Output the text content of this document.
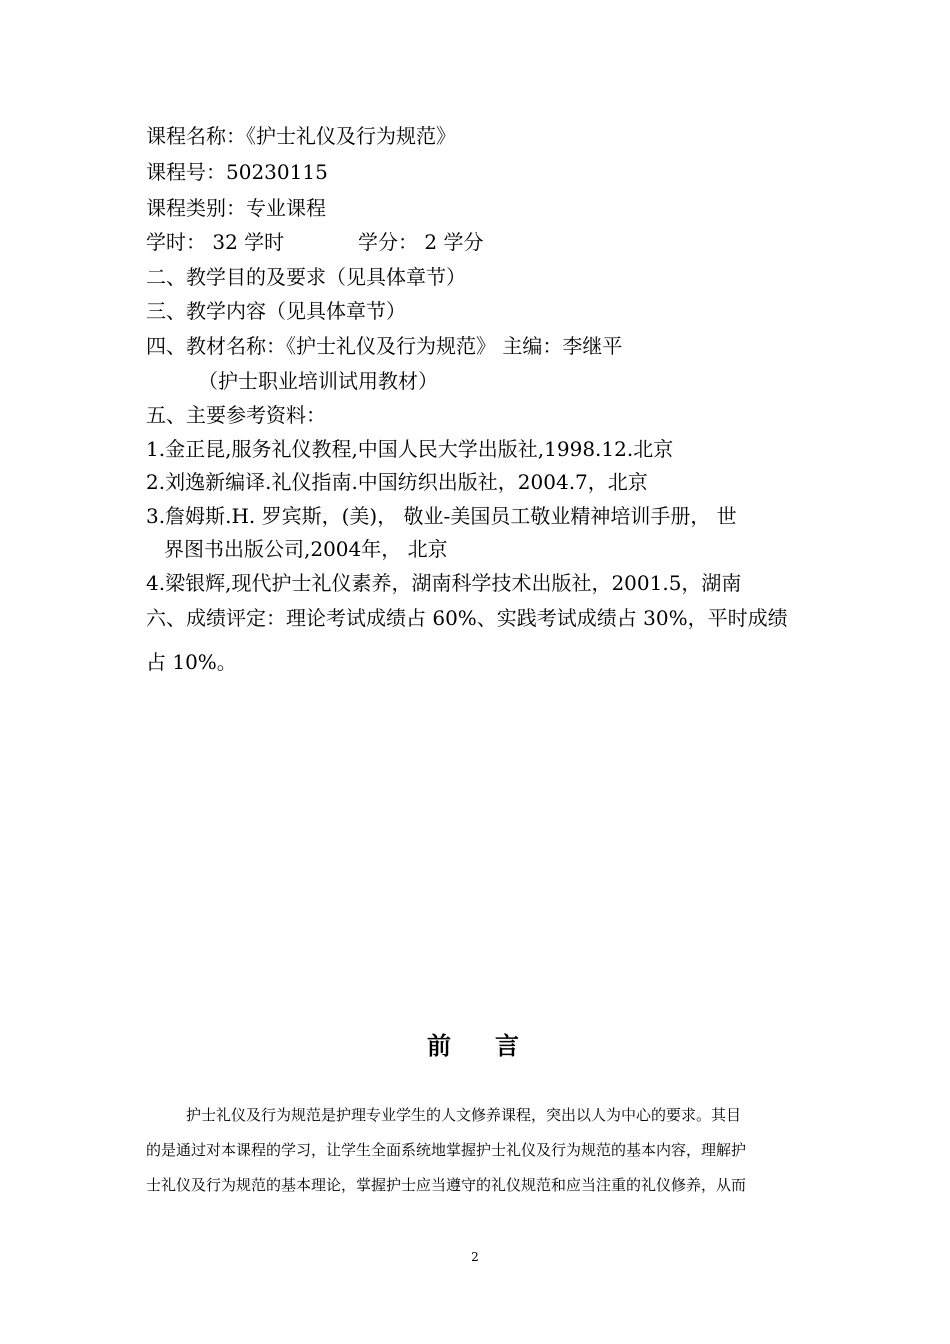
课程名称：《护士礼仪及行为规范》
课程号：50230115
课程类别：专业课程
学时： 32 学时	学分： 2 学分
二、教学目的及要求（见具体章节）
三、教学内容（见具体章节）
四、教材名称：《护士礼仪及行为规范》 主编：李继平
（护士职业培训试用教材）
五、主要参考资料：
1.金正昆,服务礼仪教程,中国人民大学出版社,1998.12.北京
2.刘逸新编译.礼仪指南.中国纺织出版社，2004.7，北京
3.詹姆斯.H. 罗宾斯，(美)， 敬业-美国员工敬业精神培训手册， 世
界图书出版公司,2004年， 北京
4.梁银辉,现代护士礼仪素养，湖南科学技术出版社，2001.5，湖南
六、成绩评定：理论考试成绩占 60%、实践考试成绩占 30%，平时成绩
占 10%。
前 言
护士礼仪及行为规范是护理专业学生的人文修养课程，突出以人为中心的要求。其目
的是通过对本课程的学习，让学生全面系统地掌握护士礼仪及行为规范的基本内容，理解护
士礼仪及行为规范的基本理论，掌握护士应当遵守的礼仪规范和应当注重的礼仪修养，从而
2
